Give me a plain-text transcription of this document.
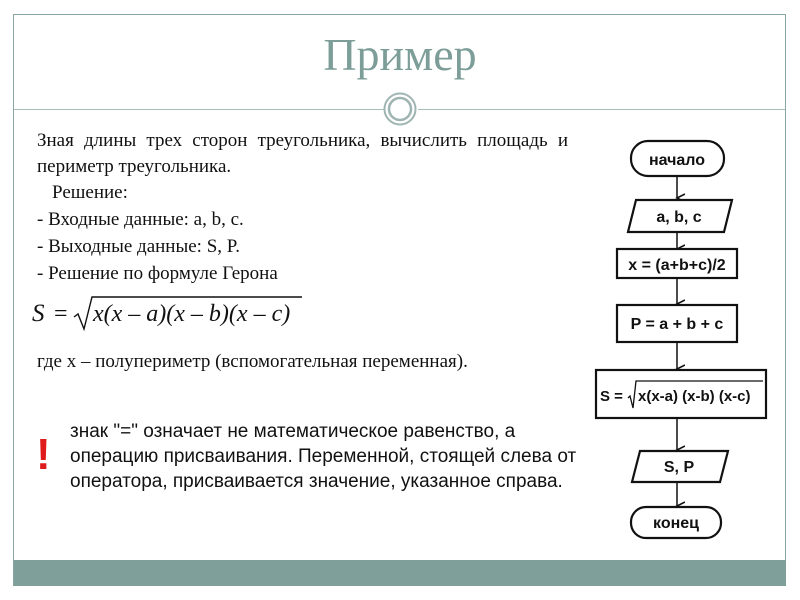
Пример
Зная длины трех сторон треугольника, вычислить площадь и периметр треугольника.
Решение:
- Входные данные: a, b, c.
- Выходные данные: S, P.
- Решение по формуле Герона
S = x(x – a)(x – b)(x – c)
где x – полупериметр (вспомогательная переменная).
! знак "=" означает не математическое равенство, а операцию присваивания. Переменной, стоящей слева от оператора, присваивается значение, указанное справа.
начало
a, b, c
x = (a+b+c)/2
P = a + b + c
S = x(x-a) (x-b) (x-c)
S, P
конец
